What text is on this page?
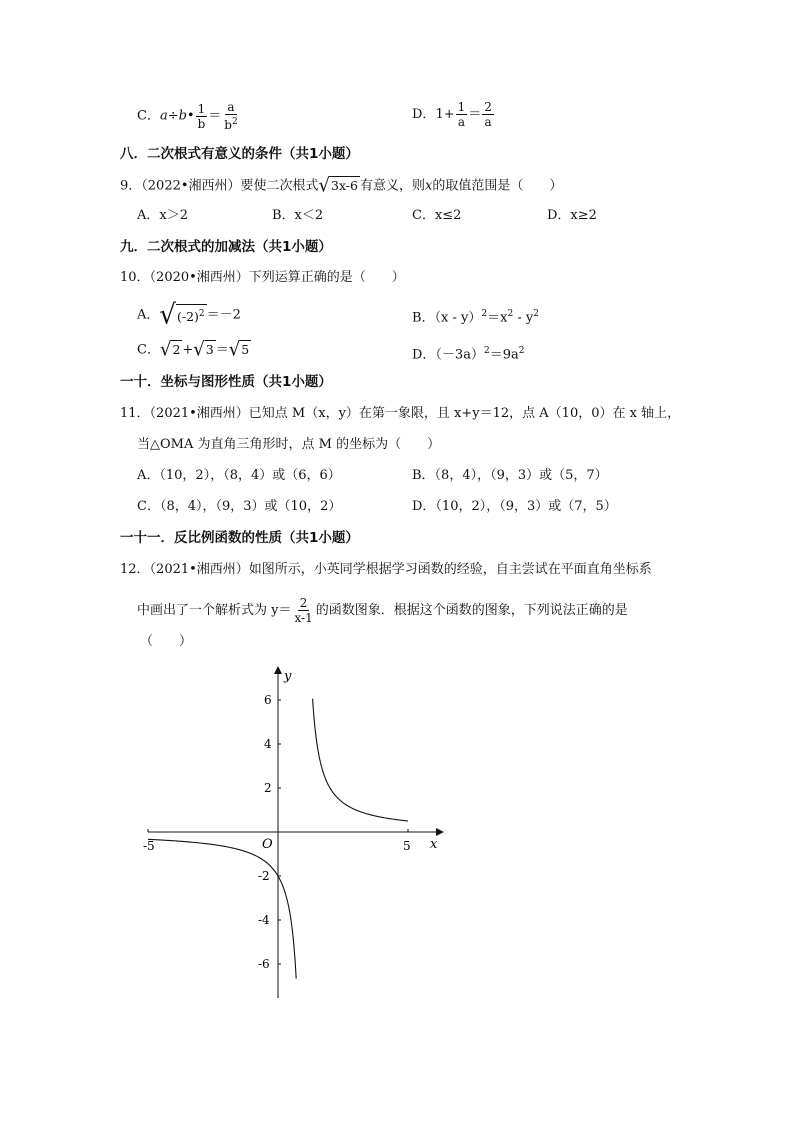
C．a÷b• $\frac{1}{b} = \frac{a}{b^2}$	D．$1+ \frac{1}{a} = \frac{2}{a}$
八．二次根式有意义的条件（共1小题）
9．（2022•湘西州）要使二次根式 √ 3x-6 有意义，则x的取值范围是（　　）
A．x＞2	B．x＜2	C．x≤2	D．x≥2
九．二次根式的加减法（共1小题）
10．（2020•湘西州）下列运算正确的是（　　）
A． √ $(-2)^2 =-2$	B．$(x - y)^2=x^2 - y^2$
C． √ 2 + √ 3 ＝ √ 5	D．$(-3a)^2=9a^2$
一十．坐标与图形性质（共1小题）
11．（2021•湘西州）已知点 M（x，y）在第一象限，且 x+y＝12，点 A（10，0）在 x 轴上，
当△OMA 为直角三角形时，点 M 的坐标为（　　）
A．（10，2），（8，4）或（6，6）	B．（8，4），（9，3）或（5，7）
C．（8，4），（9，3）或（10，2）	D．（10，2），（9，3）或（7，5）
一十一．反比例函数的性质（共1小题）
12．（2021•湘西州）如图所示，小英同学根据学习函数的经验，自主尝试在平面直角坐标系
中画出了一个解析式为 $y= \frac{2}{x-1}$ 的函数图象．根据这个函数的图象，下列说法正确的是
（　　）
x
y
O
-5	5
6
4
2
-2
-4
-6
